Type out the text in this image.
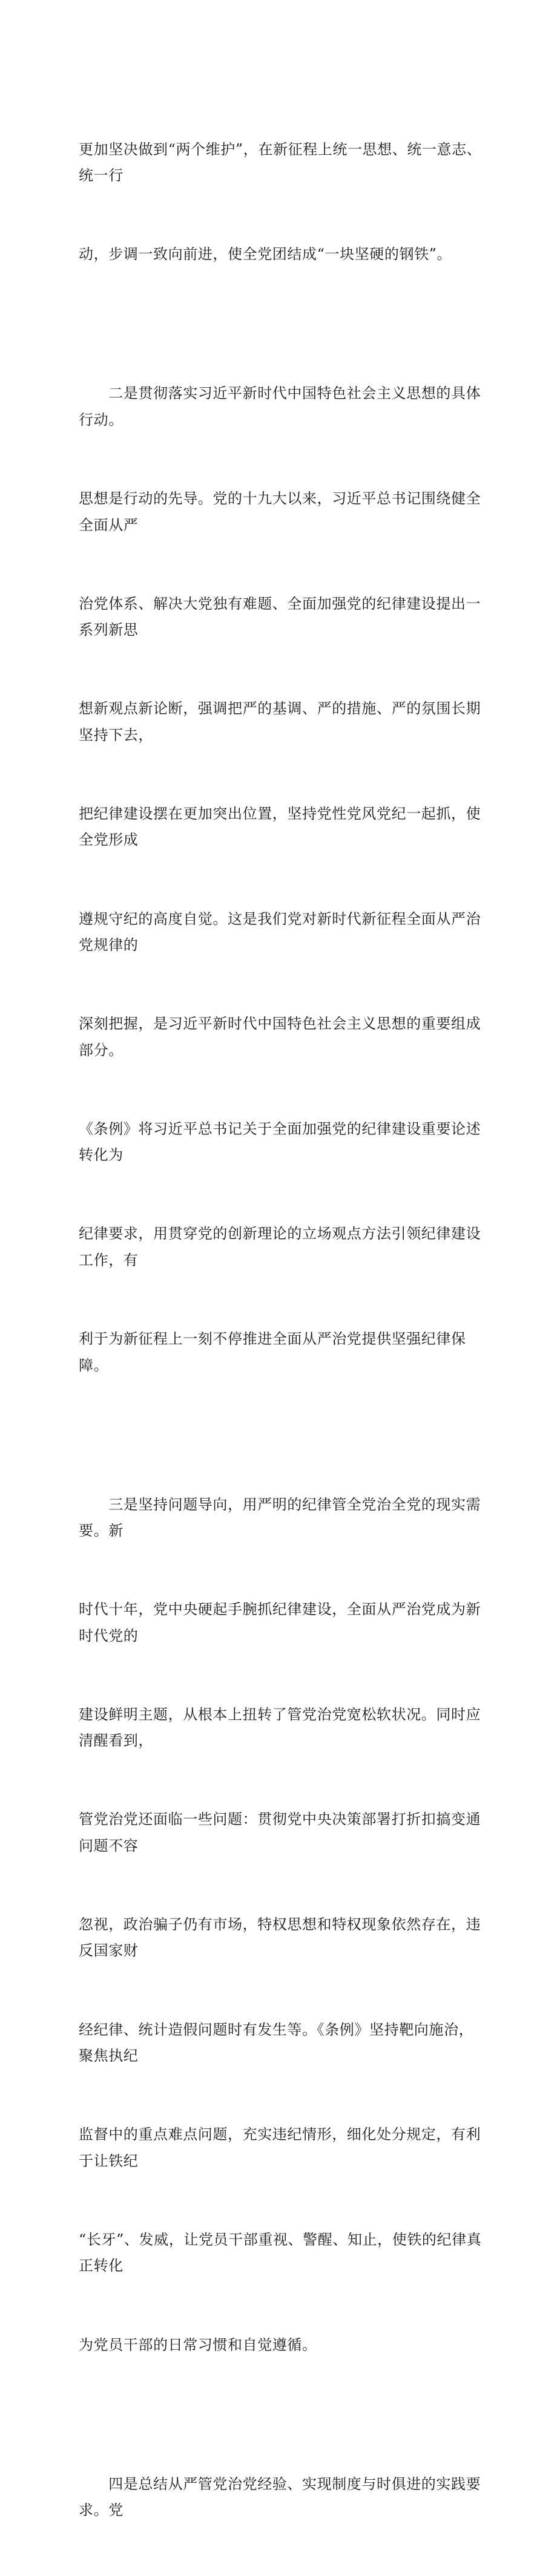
更加坚决做到“两个维护”，在新征程上统一思想、统一意志、统一行

动，步调一致向前进，使全党团结成“一块坚硬的钢铁”。

　　二是贯彻落实习近平新时代中国特色社会主义思想的具体行动。

思想是行动的先导。党的十九大以来，习近平总书记围绕健全全面从严

治党体系、解决大党独有难题、全面加强党的纪律建设提出一系列新思

想新观点新论断，强调把严的基调、严的措施、严的氛围长期坚持下去，

把纪律建设摆在更加突出位置，坚持党性党风党纪一起抓，使全党形成

遵规守纪的高度自觉。这是我们党对新时代新征程全面从严治党规律的

深刻把握，是习近平新时代中国特色社会主义思想的重要组成部分。

《条例》将习近平总书记关于全面加强党的纪律建设重要论述转化为

纪律要求，用贯穿党的创新理论的立场观点方法引领纪律建设工作，有

利于为新征程上一刻不停推进全面从严治党提供坚强纪律保障。

　　三是坚持问题导向，用严明的纪律管全党治全党的现实需要。新

时代十年，党中央硬起手腕抓纪律建设，全面从严治党成为新时代党的

建设鲜明主题，从根本上扭转了管党治党宽松软状况。同时应清醒看到，

管党治党还面临一些问题：贯彻党中央决策部署打折扣搞变通问题不容

忽视，政治骗子仍有市场，特权思想和特权现象依然存在，违反国家财

经纪律、统计造假问题时有发生等。《条例》坚持靶向施治，聚焦执纪

监督中的重点难点问题，充实违纪情形，细化处分规定，有利于让铁纪

“长牙”、发威，让党员干部重视、警醒、知止，使铁的纪律真正转化

为党员干部的日常习惯和自觉遵循。

　　四是总结从严管党治党经验、实现制度与时俱进的实践要求。党
